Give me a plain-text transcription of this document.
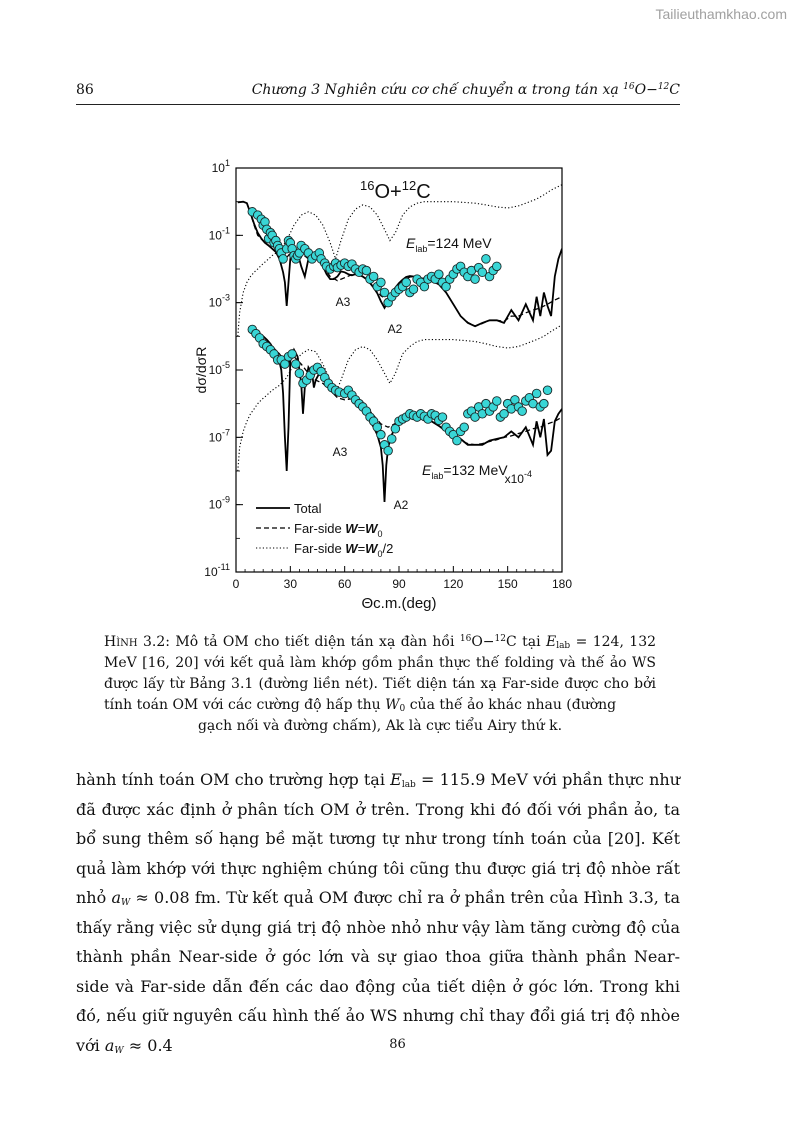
Tailieuthamkhao.com
86	Chương 3 Nghiên cứu cơ chế chuyển α trong tán xạ $^{16}$O−$^{12}$C
0	30	60	90	120	150	180
$10^1$
$10^{-1}$
$10^{-3}$
$10^{-5}$
$10^{-7}$
$10^{-9}$
$10^{-11}$
$^{16}$O+$^{12}$C
dσ/dσR
Θc.m.(deg)
$E_{lab}=124$ MeV
$E_{lab}=132$ MeV
A3
A2
A3
A2
$x10^{-4}$
Total
Far-side $W=W_0$
Far-side $W=W_0/2$
Hình 3.2: Mô tả OM cho tiết diện tán xạ đàn hồi $^{16}$O−$^{12}$C tại $E_{lab} = 124$, 132 MeV [16, 20] với kết quả làm khớp gồm phần thực thế folding và thế ảo WS được lấy từ Bảng 3.1 (đường liền nét). Tiết diện tán xạ Far-side được cho bởi tính toán OM với các cường độ hấp thụ $W_0$ của thế ảo khác nhau (đường
gạch nối và đường chấm), Ak là cực tiểu Airy thứ k.
hành tính toán OM cho trường hợp tại $E_{lab} = 115.9$ MeV với phần thực như đã được xác định ở phân tích OM ở trên. Trong khi đó đối với phần ảo, ta bổ sung thêm số hạng bề mặt tương tự như trong tính toán của [20]. Kết quả làm khớp với thực nghiệm chúng tôi cũng thu được giá trị độ nhòe rất nhỏ $a_W \approx 0.08$ fm. Từ kết quả OM được chỉ ra ở phần trên của Hình 3.3, ta thấy rằng việc sử dụng giá trị độ nhòe nhỏ như vậy làm tăng cường độ của thành phần Near-side ở góc lớn và sự giao thoa giữa thành phần Near-side và Far-side dẫn đến các dao động của tiết diện ở góc lớn. Trong khi đó, nếu giữ nguyên cấu hình thế ảo WS nhưng chỉ thay đổi giá trị độ nhòe với $a_W \approx 0.4$	86
